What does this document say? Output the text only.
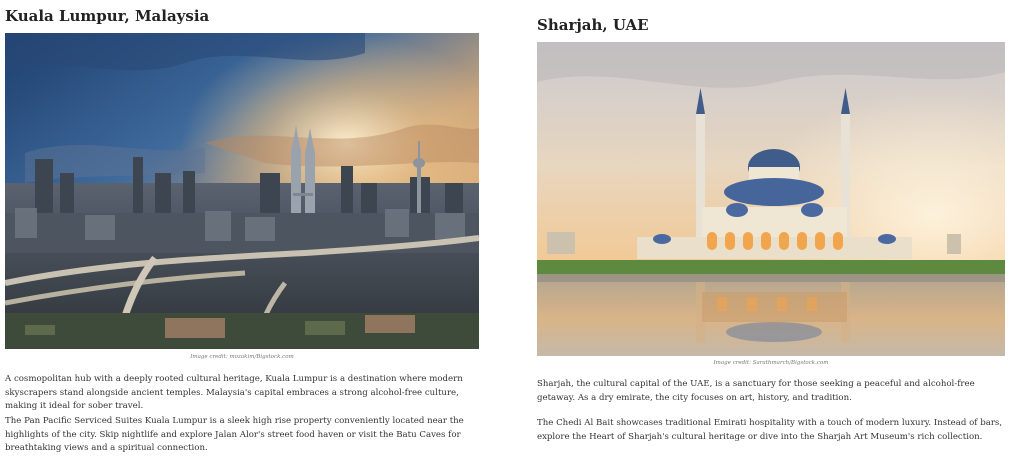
Kuala Lumpur, Malaysia

Image credit: mozakim/Bigstock.com

A cosmopolitan hub with a deeply rooted cultural heritage, Kuala Lumpur is a destination where modern skyscrapers stand alongside ancient temples. Malaysia's capital embraces a strong alcohol-free culture, making it ideal for sober travel.

The Pan Pacific Serviced Suites Kuala Lumpur is a sleek high rise property conveniently located near the highlights of the city. Skip nightlife and explore Jalan Alor's street food haven or visit the Batu Caves for breathtaking views and a spiritual connection.

Sharjah, UAE

Image credit: Sarathmarch/Bigstock.com

Sharjah, the cultural capital of the UAE, is a sanctuary for those seeking a peaceful and alcohol-free getaway. As a dry emirate, the city focuses on art, history, and tradition.

The Chedi Al Bait showcases traditional Emirati hospitality with a touch of modern luxury. Instead of bars, explore the Heart of Sharjah's cultural heritage or dive into the Sharjah Art Museum's rich collection.
